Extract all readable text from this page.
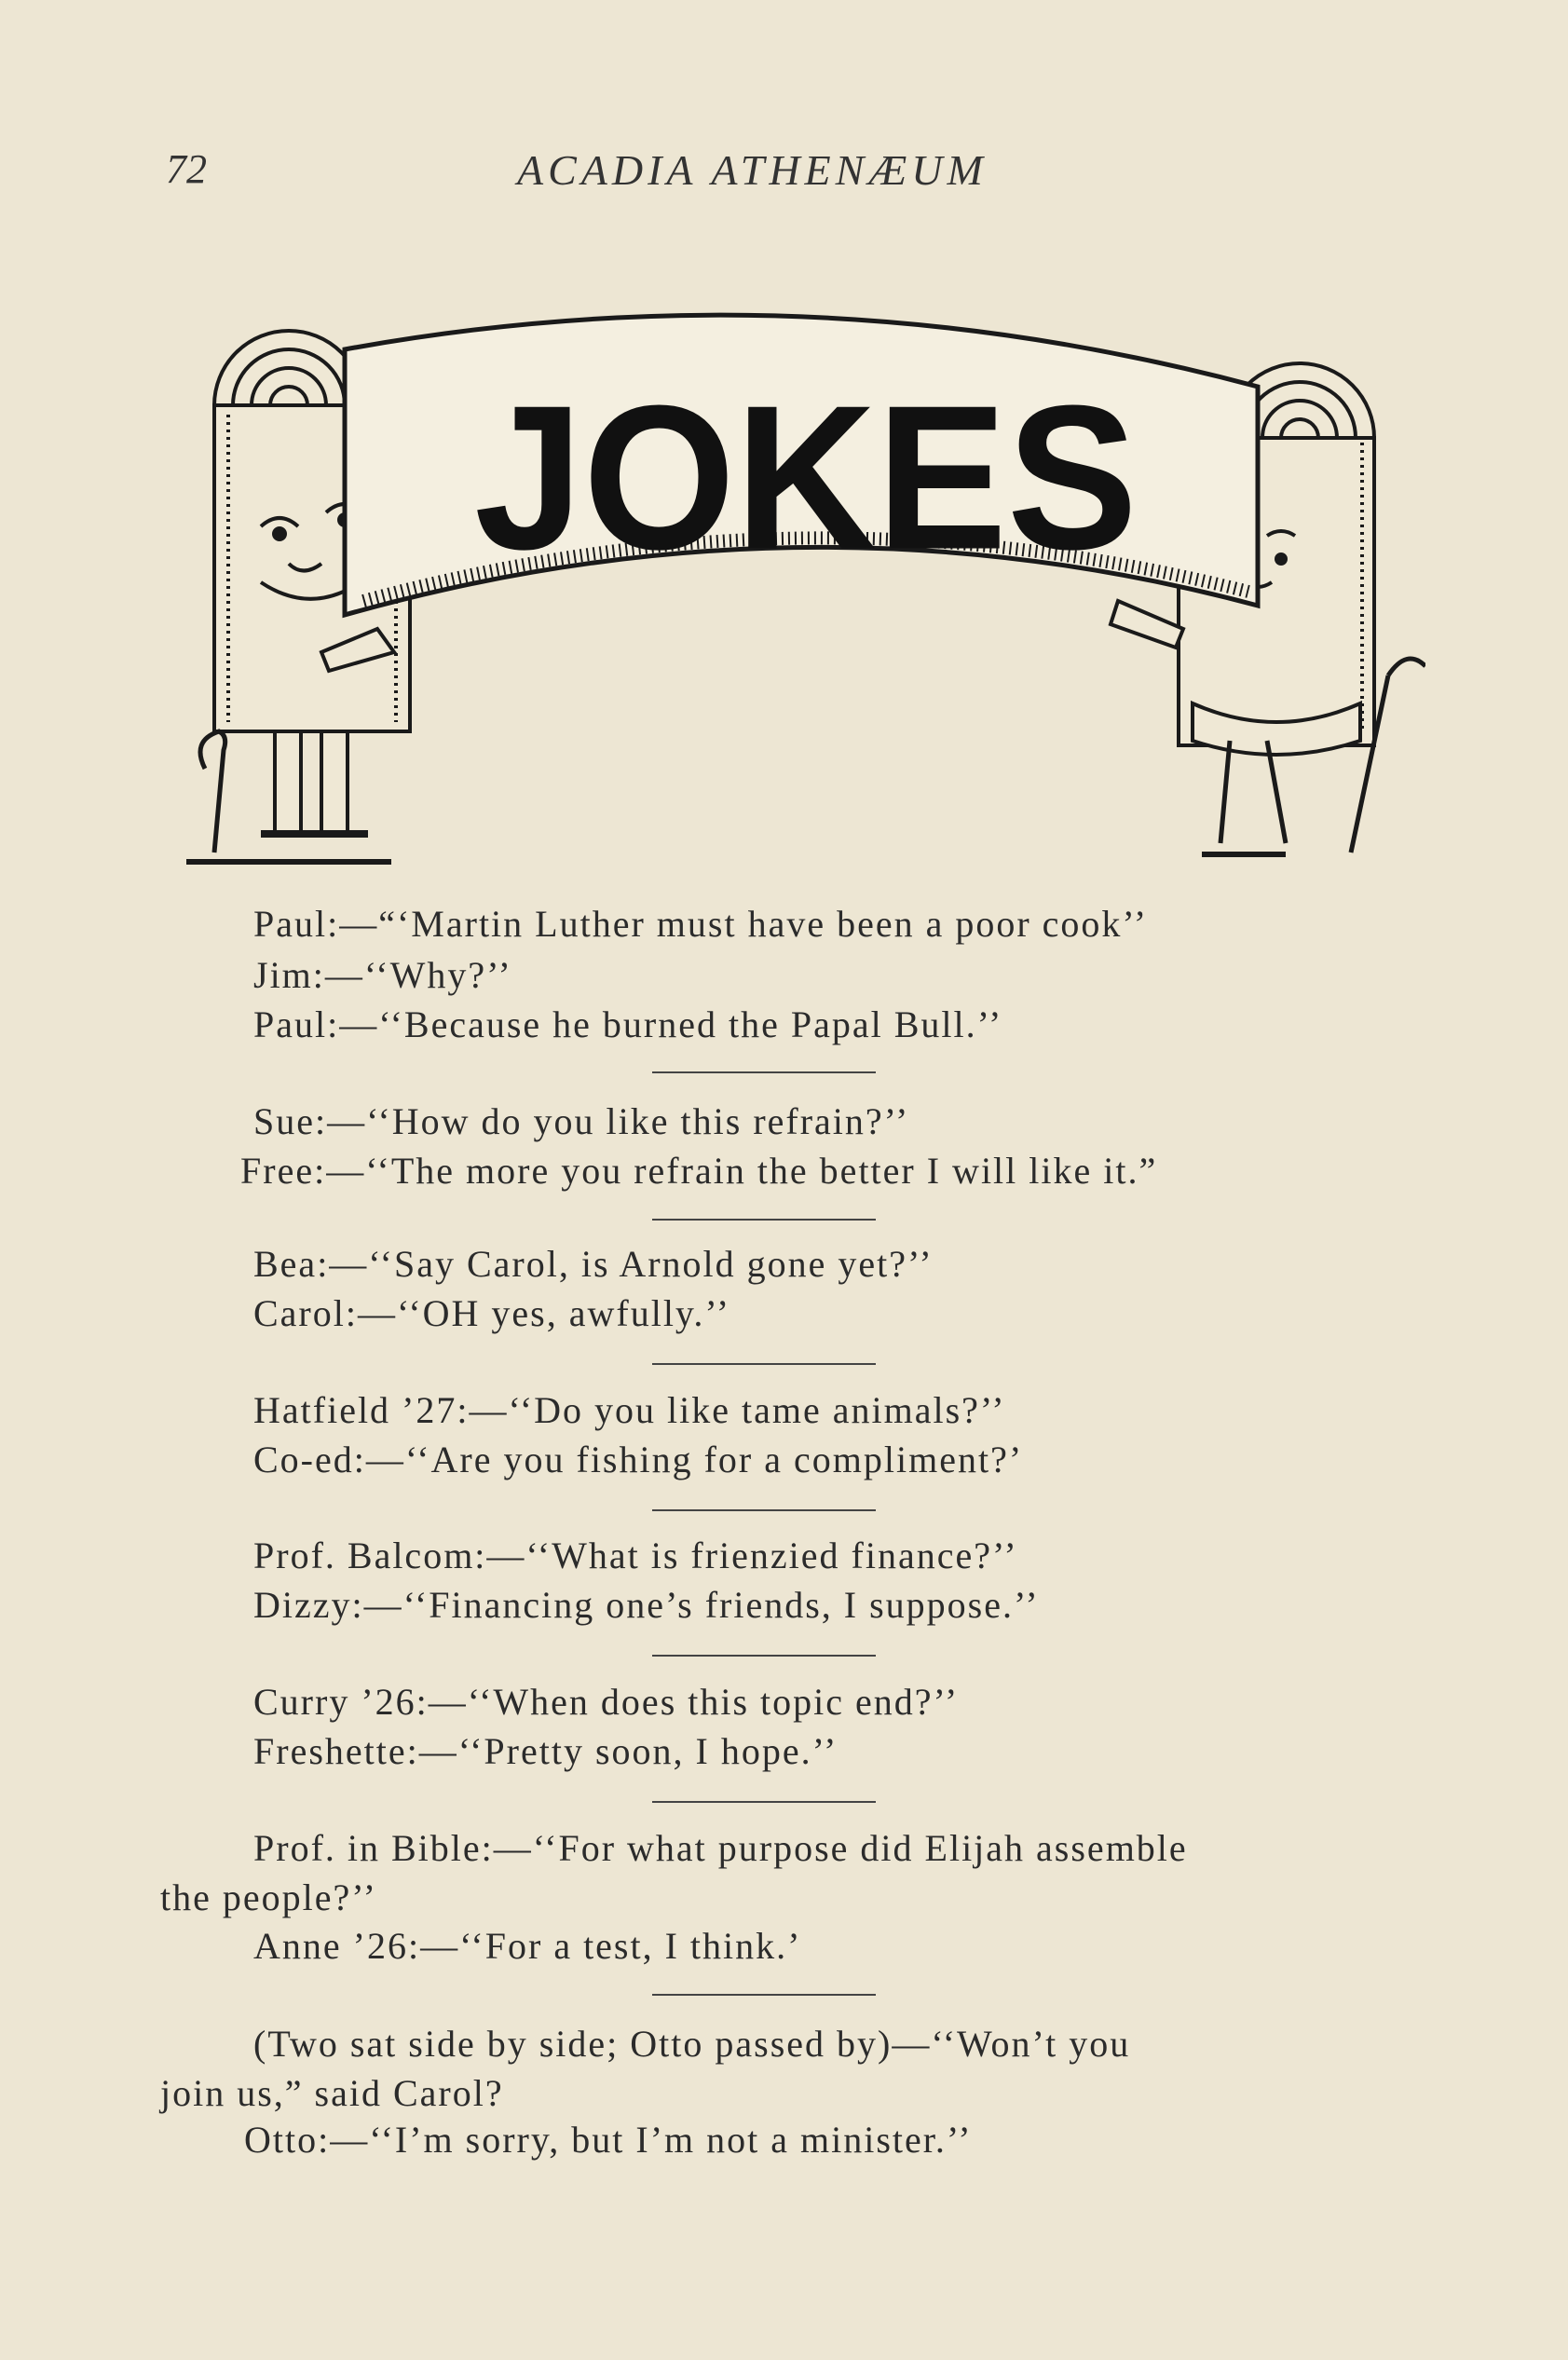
72	ACADIA ATHENÆUM
JOKES
Paul:—“‘Martin Luther must have been a poor cook’’
Jim:—‘‘Why?’’
Paul:—‘‘Because he burned the Papal Bull.’’
Sue:—‘‘How do you like this refrain?’’
Free:—‘‘The more you refrain the better I will like it.”
Bea:—‘‘Say Carol, is Arnold gone yet?’’
Carol:—‘‘OH yes, awfully.’’
Hatfield ’27:—‘‘Do you like tame animals?’’
Co-ed:—‘‘Are you fishing for a compliment?’
Prof. Balcom:—‘‘What is frienzied finance?’’
Dizzy:—‘‘Financing one’s friends, I suppose.’’
Curry ’26:—‘‘When does this topic end?’’
Freshette:—‘‘Pretty soon, I hope.’’
Prof. in Bible:—‘‘For what purpose did Elijah assemble
the people?’’
Anne ’26:—‘‘For a test, I think.’
(Two sat side by side; Otto passed by)—‘‘Won’t you
join us,” said Carol?
Otto:—‘‘I’m sorry, but I’m not a minister.’’
